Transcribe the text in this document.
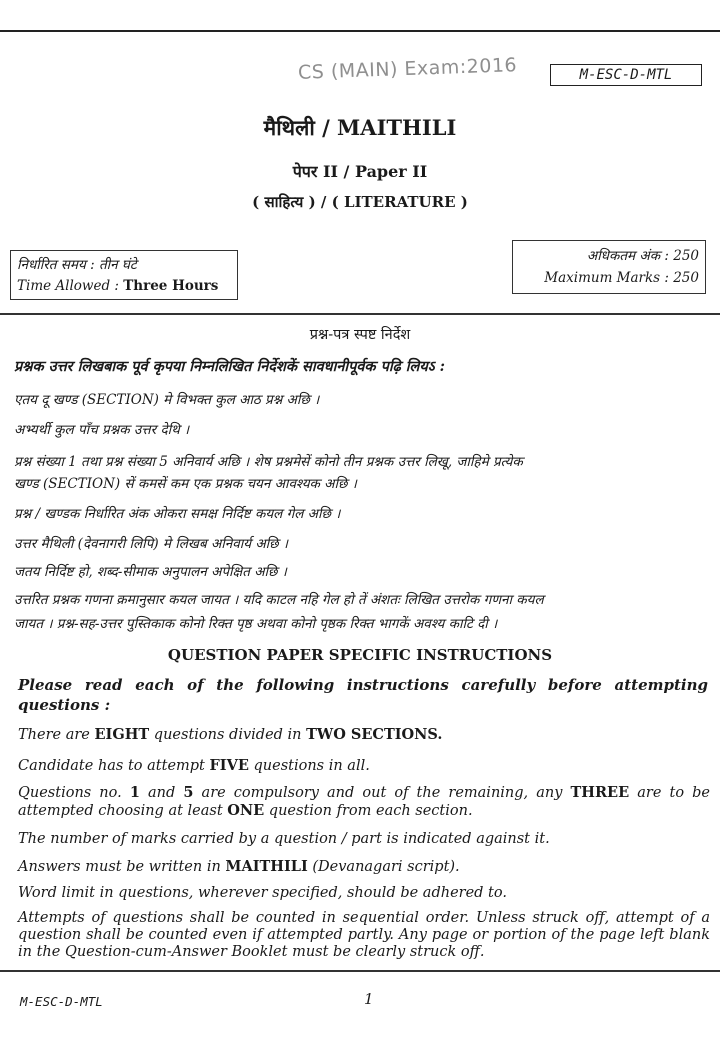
CS (MAIN) Exam:2016	M-ESC-D-MTL
मैथिली / MAITHILI
पेपर II / Paper II
( साहित्य ) / ( LITERATURE )
निर्धारित समय : तीन घंटे
Time Allowed : Three Hours
अधिकतम अंक : 250
Maximum Marks : 250
प्रश्न-पत्र स्पष्ट निर्देश
प्रश्नक उत्तर लिखबाक पूर्व कृपया निम्नलिखित निर्देशकें सावधानीपूर्वक पढ़ि लियऽ :
एतय दू खण्ड (SECTION) मे विभक्त कुल आठ प्रश्न अछि ।
अभ्यर्थी कुल पाँच प्रश्नक उत्तर देथि ।
प्रश्न संख्या 1 तथा प्रश्न संख्या 5 अनिवार्य अछि । शेष प्रश्नमेसें कोनो तीन प्रश्नक उत्तर लिखू, जाहिमे प्रत्येक
खण्ड (SECTION) सें कमसें कम एक प्रश्नक चयन आवश्यक अछि ।
प्रश्न / खण्डक निर्धारित अंक ओकरा समक्ष निर्दिष्ट कयल गेल अछि ।
उत्तर मैथिली (देवनागरी लिपि) मे लिखब अनिवार्य अछि ।
जतय निर्दिष्ट हो, शब्द-सीमाक अनुपालन अपेक्षित अछि ।
उत्तरित प्रश्नक गणना क्रमानुसार कयल जायत । यदि काटल नहि गेल हो तें अंशतः लिखित उत्तरोक गणना कयल
जायत । प्रश्न-सह-उत्तर पुस्तिकाक कोनो रिक्त पृष्ठ अथवा कोनो पृष्ठक रिक्त भागकें अवश्य काटि दी ।
QUESTION PAPER SPECIFIC INSTRUCTIONS
Please read each of the following instructions carefully before attempting questions :
There are EIGHT questions divided in TWO SECTIONS.
Candidate has to attempt FIVE questions in all.
Questions no. 1 and 5 are compulsory and out of the remaining, any THREE are to be attempted choosing at least ONE question from each section.
The number of marks carried by a question / part is indicated against it.
Answers must be written in MAITHILI (Devanagari script).
Word limit in questions, wherever specified, should be adhered to.
Attempts of questions shall be counted in sequential order. Unless struck off, attempt of a question shall be counted even if attempted partly. Any page or portion of the page left blank in the Question-cum-Answer Booklet must be clearly struck off.
M-ESC-D-MTL	1
